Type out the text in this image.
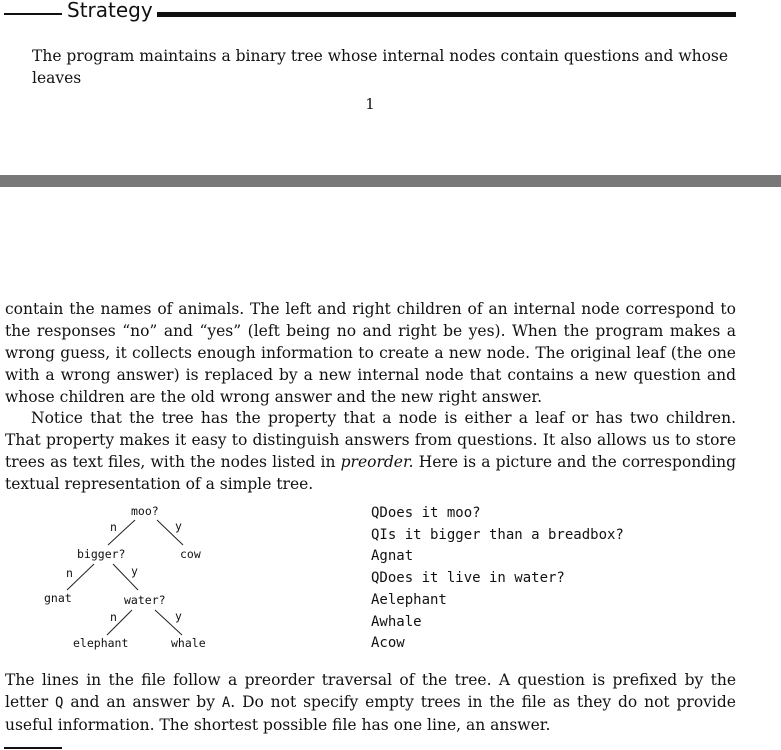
Strategy
The program maintains a binary tree whose internal nodes contain questions and whose leaves
1
contain the names of animals. The left and right children of an internal node correspond to the responses “no” and “yes” (left being no and right be yes). When the program makes a wrong guess, it collects enough information to create a new node. The original leaf (the one with a wrong answer) is replaced by a new internal node that contains a new question and whose children are the old wrong answer and the new right answer.
Notice that the tree has the property that a node is either a leaf or has two children. That property makes it easy to distinguish answers from questions. It also allows us to store trees as text files, with the nodes listed in preorder. Here is a picture and the corresponding textual representation of a simple tree.
moo?
n	y
bigger?	cow
n	y
gnat	water?
n	y
elephant	whale
QDoes it moo?
QIs it bigger than a breadbox?
Agnat
QDoes it live in water?
Aelephant
Awhale
Acow
The lines in the file follow a preorder traversal of the tree. A question is prefixed by the letter Q and an answer by A. Do not specify empty trees in the file as they do not provide useful information. The shortest possible file has one line, an answer.
